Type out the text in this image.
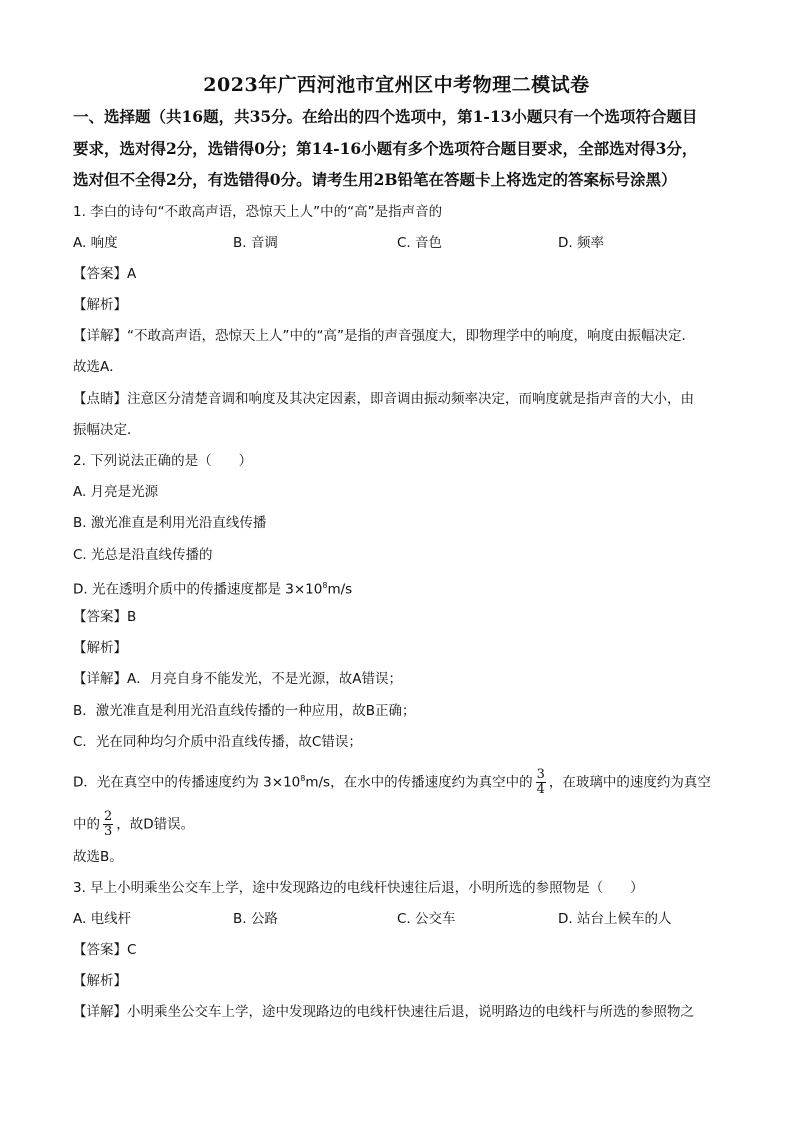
2023年广西河池市宜州区中考物理二模试卷
一、选择题（共16题，共35分。在给出的四个选项中，第1-13小题只有一个选项符合题目
要求，选对得2分，选错得0分；第14-16小题有多个选项符合题目要求，全部选对得3分，
选对但不全得2分，有选错得0分。请考生用2B铅笔在答题卡上将选定的答案标号涂黑）
1. 李白的诗句“不敢高声语，恐惊天上人”中的“高”是指声音的
A. 响度	B. 音调	C. 音色	D. 频率
【答案】A
【解析】
【详解】“不敢高声语，恐惊天上人”中的“高”是指的声音强度大，即物理学中的响度，响度由振幅决定．
故选A．
【点睛】注意区分清楚音调和响度及其决定因素，即音调由振动频率决定，而响度就是指声音的大小，由
振幅决定．
2. 下列说法正确的是（　　）
A. 月亮是光源
B. 激光准直是利用光沿直线传播
C. 光总是沿直线传播的
D. 光在透明介质中的传播速度都是 $3\times 10^8m/s$
【答案】B
【解析】
【详解】A．月亮自身不能发光，不是光源，故A错误；
B．激光准直是利用光沿直线传播的一种应用，故B正确；
C．光在同种均匀介质中沿直线传播，故C错误；
D．光在真空中的传播速度约为 $3\times 10^8m/s$，在水中的传播速度约为真空中的 $\frac{3}{4}$ ，在玻璃中的速度约为真空
中的 $\frac{2}{3}$ ，故D错误。
故选B。
3. 早上小明乘坐公交车上学，途中发现路边的电线杆快速往后退，小明所选的参照物是（　　）
A. 电线杆	B. 公路	C. 公交车	D. 站台上候车的人
【答案】C
【解析】
【详解】小明乘坐公交车上学，途中发现路边的电线杆快速往后退，说明路边的电线杆与所选的参照物之
